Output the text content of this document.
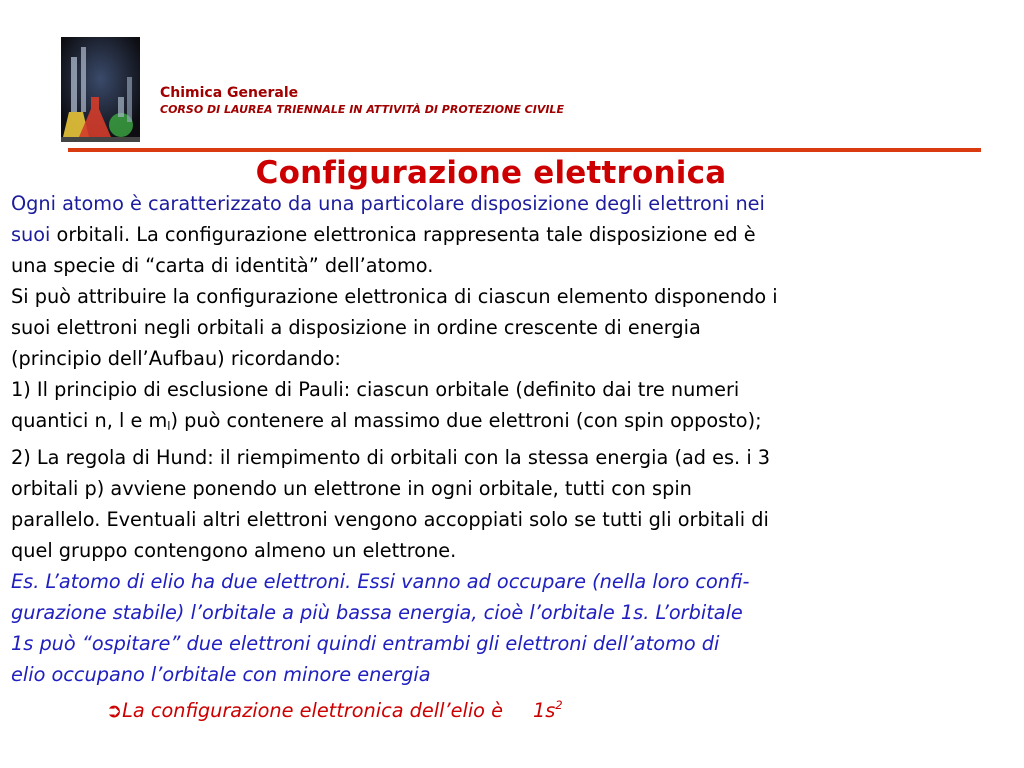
Chimica Generale
CORSO DI LAUREA TRIENNALE IN ATTIVITÀ DI PROTEZIONE CIVILE
Configurazione elettronica
Ogni atomo è caratterizzato da una particolare disposizione degli elettroni nei
suoi orbitali. La configurazione elettronica rappresenta tale disposizione ed è
una specie di “carta di identità” dell’atomo.
Si può attribuire la configurazione elettronica di ciascun elemento disponendo i
suoi elettroni negli orbitali a disposizione in ordine crescente di energia
(principio dell’Aufbau) ricordando:
1) Il principio di esclusione di Pauli: ciascun orbitale (definito dai tre numeri
quantici n, l e $m_l$) può contenere al massimo due elettroni (con spin opposto);
2) La regola di Hund: il riempimento di orbitali con la stessa energia (ad es. i 3
orbitali p) avviene ponendo un elettrone in ogni orbitale, tutti con spin
parallelo. Eventuali altri elettroni vengono accoppiati solo se tutti gli orbitali di
quel gruppo contengono almeno un elettrone.
Es. L’atomo di elio ha due elettroni. Essi vanno ad occupare (nella loro confi-
gurazione stabile) l’orbitale a più bassa energia, cioè l’orbitale 1s. L’orbitale
1s può “ospitare” due elettroni quindi entrambi gli elettroni dell’atomo di
elio occupano l’orbitale con minore energia
➲La configurazione elettronica dell’elio è $1s^2$
